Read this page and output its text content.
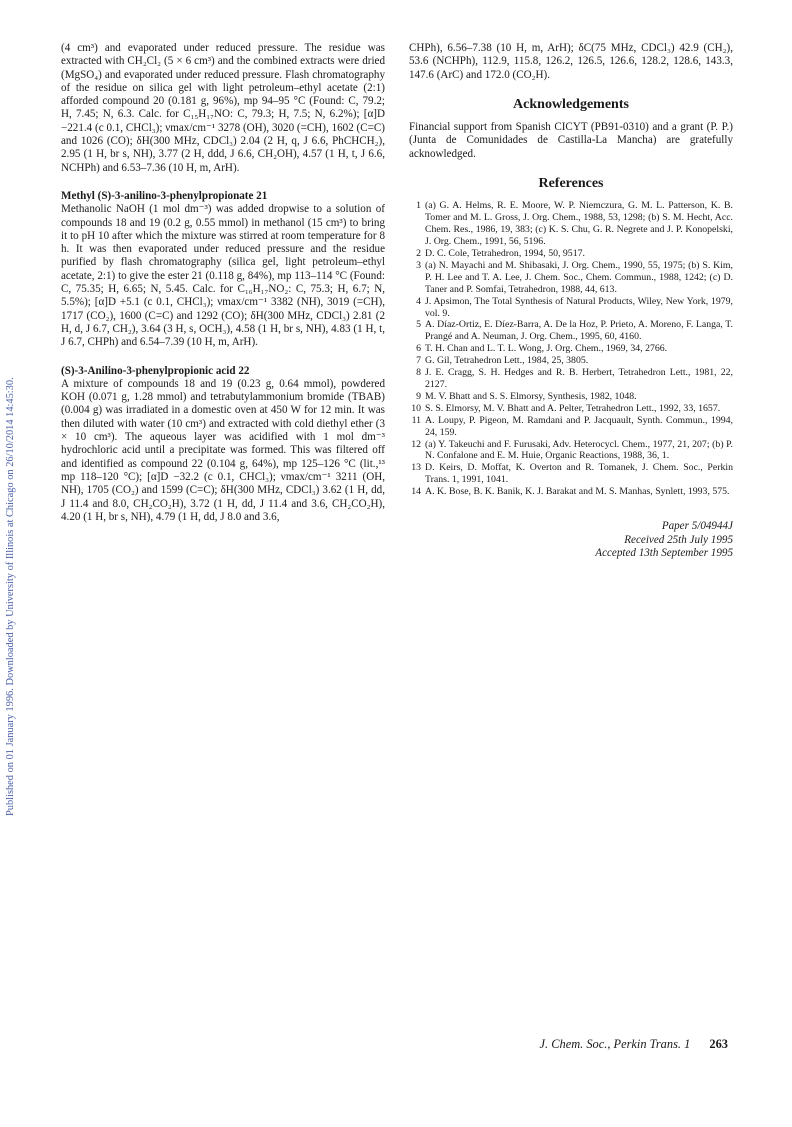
Published on 01 January 1996. Downloaded by University of Illinois at Chicago on 26/10/2014 14:45:30.

(4 cm³) and evaporated under reduced pressure. The residue was extracted with CH₂Cl₂ (5 × 6 cm³) and the combined extracts were dried (MgSO₄) and evaporated under reduced pressure. Flash chromatography of the residue on silica gel with light petroleum–ethyl acetate (2:1) afforded compound 20 (0.181 g, 96%), mp 94–95 °C (Found: C, 79.2; H, 7.45; N, 6.3. Calc. for C₁₅H₁₇NO: C, 79.3; H, 7.5; N, 6.2%); [α]D −221.4 (c 0.1, CHCl₃); νmax/cm⁻¹ 3278 (OH), 3020 (=CH), 1602 (C=C) and 1026 (CO); δH(300 MHz, CDCl₃) 2.04 (2 H, q, J 6.6, PhCHCH₂), 2.95 (1 H, br s, NH), 3.77 (2 H, ddd, J 6.6, CH₂OH), 4.57 (1 H, t, J 6.6, NCHPh) and 6.53–7.36 (10 H, m, ArH).

Methyl (S)-3-anilino-3-phenylpropionate 21

Methanolic NaOH (1 mol dm⁻³) was added dropwise to a solution of compounds 18 and 19 (0.2 g, 0.55 mmol) in methanol (15 cm³) to bring it to pH 10 after which the mixture was stirred at room temperature for 8 h. It was then evaporated under reduced pressure and the residue purified by flash chromatography (silica gel, light petroleum–ethyl acetate, 2:1) to give the ester 21 (0.118 g, 84%), mp 113–114 °C (Found: C, 75.35; H, 6.65; N, 5.45. Calc. for C₁₆H₁₇NO₂: C, 75.3; H, 6.7; N, 5.5%); [α]D +5.1 (c 0.1, CHCl₃); νmax/cm⁻¹ 3382 (NH), 3019 (=CH), 1717 (CO₂), 1600 (C=C) and 1292 (CO); δH(300 MHz, CDCl₃) 2.81 (2 H, d, J 6.7, CH₂), 3.64 (3 H, s, OCH₃), 4.58 (1 H, br s, NH), 4.83 (1 H, t, J 6.7, CHPh) and 6.54–7.39 (10 H, m, ArH).

(S)-3-Anilino-3-phenylpropionic acid 22

A mixture of compounds 18 and 19 (0.23 g, 0.64 mmol), powdered KOH (0.071 g, 1.28 mmol) and tetrabutylammonium bromide (TBAB) (0.004 g) was irradiated in a domestic oven at 450 W for 12 min. It was then diluted with water (10 cm³) and extracted with cold diethyl ether (3 × 10 cm³). The aqueous layer was acidified with 1 mol dm⁻³ hydrochloric acid until a precipitate was formed. This was filtered off and identified as compound 22 (0.104 g, 64%), mp 125–126 °C (lit.,¹³ mp 118–120 °C); [α]D −32.2 (c 0.1, CHCl₃); νmax/cm⁻¹ 3211 (OH, NH), 1705 (CO₂) and 1599 (C=C); δH(300 MHz, CDCl₃) 3.62 (1 H, dd, J 11.4 and 8.0, CH₂CO₂H), 3.72 (1 H, dd, J 11.4 and 3.6, CH₂CO₂H), 4.20 (1 H, br s, NH), 4.79 (1 H, dd, J 8.0 and 3.6,

CHPh), 6.56–7.38 (10 H, m, ArH); δC(75 MHz, CDCl₃) 42.9 (CH₂), 53.6 (NCHPh), 112.9, 115.8, 126.2, 126.5, 126.6, 128.2, 128.6, 143.3, 147.6 (ArC) and 172.0 (CO₂H).

Acknowledgements

Financial support from Spanish CICYT (PB91-0310) and a grant (P. P.) (Junta de Comunidades de Castilla-La Mancha) are gratefully acknowledged.

References
1 (a) G. A. Helms, R. E. Moore, W. P. Niemczura, G. M. L. Patterson, K. B. Tomer and M. L. Gross, J. Org. Chem., 1988, 53, 1298; (b) S. M. Hecht, Acc. Chem. Res., 1986, 19, 383; (c) K. S. Chu, G. R. Negrete and J. P. Konopelski, J. Org. Chem., 1991, 56, 5196.
2 D. C. Cole, Tetrahedron, 1994, 50, 9517.
3 (a) N. Mayachi and M. Shibasaki, J. Org. Chem., 1990, 55, 1975; (b) S. Kim, P. H. Lee and T. A. Lee, J. Chem. Soc., Chem. Commun., 1988, 1242; (c) D. Taner and P. Somfai, Tetrahedron, 1988, 44, 613.
4 J. Apsimon, The Total Synthesis of Natural Products, Wiley, New York, 1979, vol. 9.
5 A. Díaz-Ortiz, E. Díez-Barra, A. De la Hoz, P. Prieto, A. Moreno, F. Langa, T. Prangé and A. Neuman, J. Org. Chem., 1995, 60, 4160.
6 T. H. Chan and L. T. L. Wong, J. Org. Chem., 1969, 34, 2766.
7 G. Gil, Tetrahedron Lett., 1984, 25, 3805.
8 J. E. Cragg, S. H. Hedges and R. B. Herbert, Tetrahedron Lett., 1981, 22, 2127.
9 M. V. Bhatt and S. S. Elmorsy, Synthesis, 1982, 1048.
10 S. S. Elmorsy, M. V. Bhatt and A. Pelter, Tetrahedron Lett., 1992, 33, 1657.
11 A. Loupy, P. Pigeon, M. Ramdani and P. Jacquault, Synth. Commun., 1994, 24, 159.
12 (a) Y. Takeuchi and F. Furusaki, Adv. Heterocycl. Chem., 1977, 21, 207; (b) P. N. Confalone and E. M. Huie, Organic Reactions, 1988, 36, 1.
13 D. Keirs, D. Moffat, K. Overton and R. Tomanek, J. Chem. Soc., Perkin Trans. 1, 1991, 1041.
14 A. K. Bose, B. K. Banik, K. J. Barakat and M. S. Manhas, Synlett, 1993, 575.
Paper 5/04944J
Received 25th July 1995
Accepted 13th September 1995
J. Chem. Soc., Perkin Trans. 1 263
